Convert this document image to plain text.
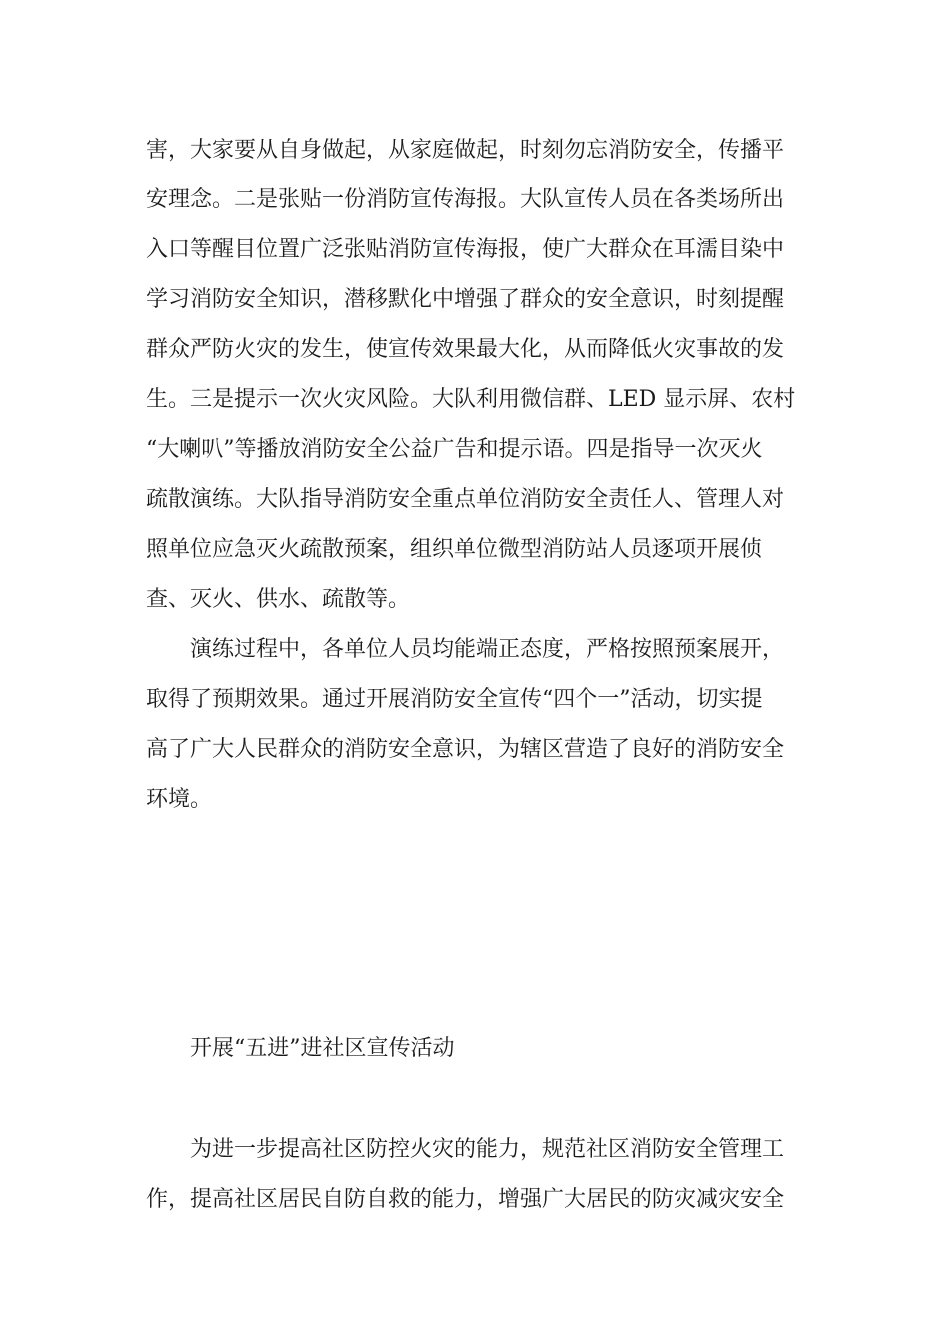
害，大家要从自身做起，从家庭做起，时刻勿忘消防安全，传播平

安理念。二是张贴一份消防宣传海报。大队宣传人员在各类场所出

入口等醒目位置广泛张贴消防宣传海报，使广大群众在耳濡目染中

学习消防安全知识，潜移默化中增强了群众的安全意识，时刻提醒

群众严防火灾的发生，使宣传效果最大化，从而降低火灾事故的发

生。三是提示一次火灾风险。大队利用微信群、LED 显示屏、农村

“大喇叭”等播放消防安全公益广告和提示语。四是指导一次灭火

疏散演练。大队指导消防安全重点单位消防安全责任人、管理人对

照单位应急灭火疏散预案，组织单位微型消防站人员逐项开展侦

查、灭火、供水、疏散等。

演练过程中，各单位人员均能端正态度，严格按照预案展开，

取得了预期效果。通过开展消防安全宣传“四个一”活动，切实提

高了广大人民群众的消防安全意识，为辖区营造了良好的消防安全

环境。

开展“五进”进社区宣传活动

为进一步提高社区防控火灾的能力，规范社区消防安全管理工

作，提高社区居民自防自救的能力，增强广大居民的防灾减灾安全
